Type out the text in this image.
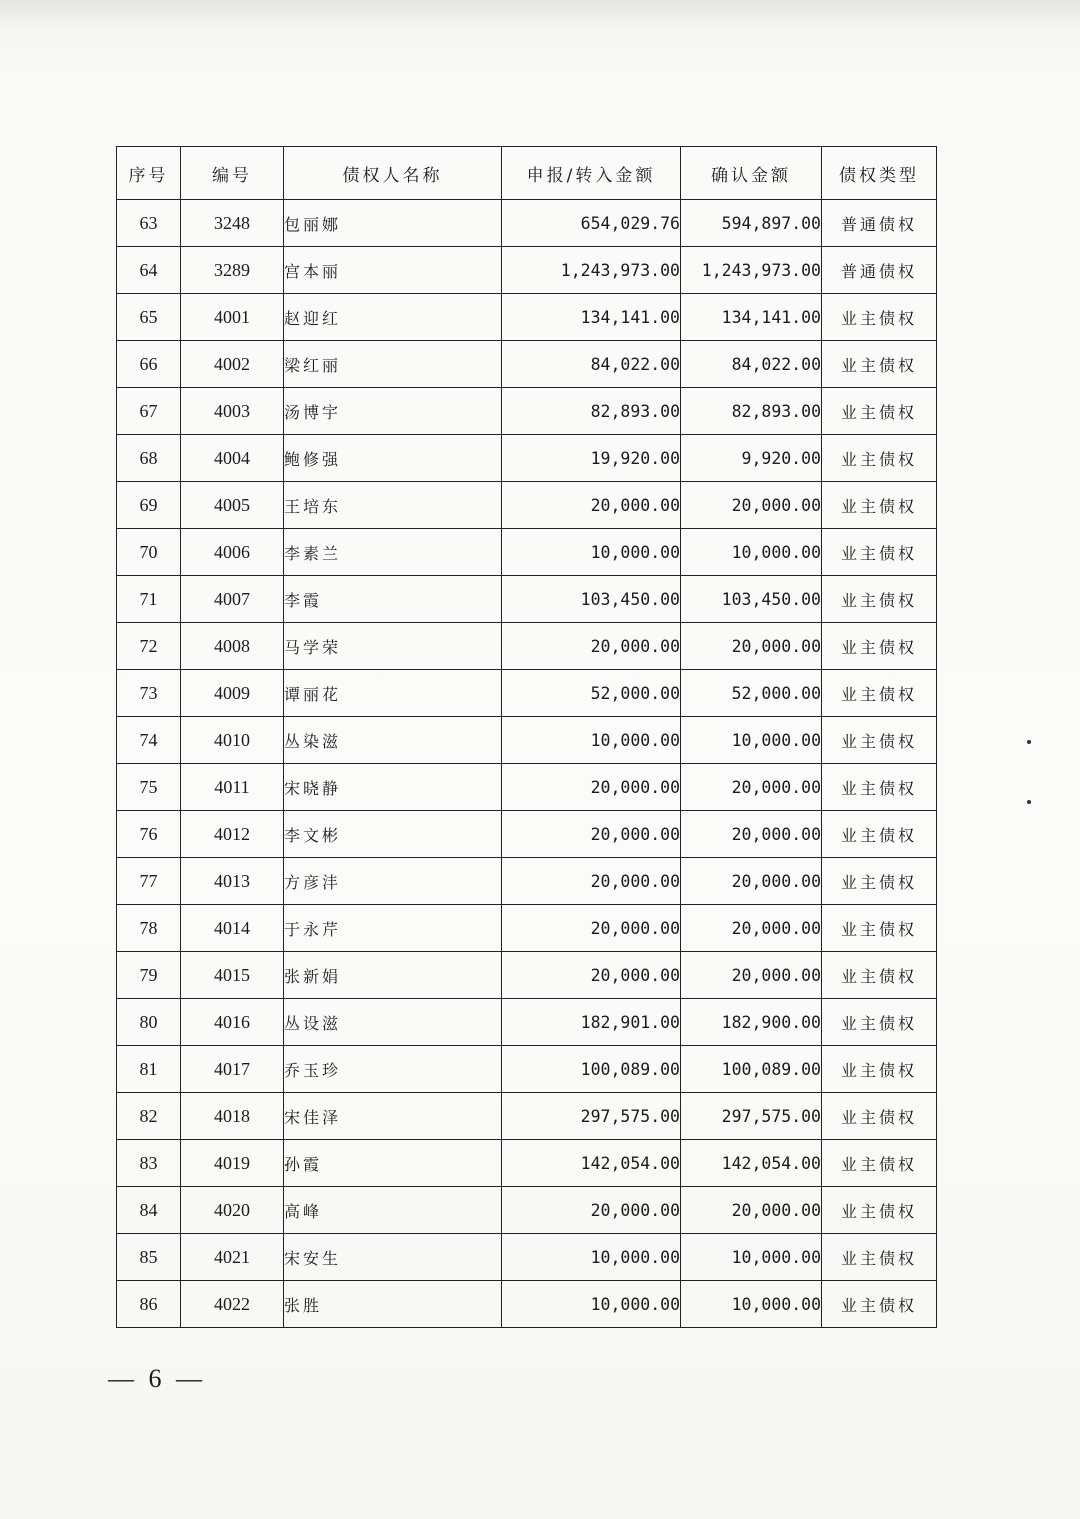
序号	编号	债权人名称	申报/转入金额	确认金额	债权类型
63	3248	包丽娜	654,029.76	594,897.00	普通债权
64	3289	宫本丽	1,243,973.00	1,243,973.00	普通债权
65	4001	赵迎红	134,141.00	134,141.00	业主债权
66	4002	梁红丽	84,022.00	84,022.00	业主债权
67	4003	汤博宇	82,893.00	82,893.00	业主债权
68	4004	鲍修强	19,920.00	9,920.00	业主债权
69	4005	王培东	20,000.00	20,000.00	业主债权
70	4006	李素兰	10,000.00	10,000.00	业主债权
71	4007	李霞	103,450.00	103,450.00	业主债权
72	4008	马学荣	20,000.00	20,000.00	业主债权
73	4009	谭丽花	52,000.00	52,000.00	业主债权
74	4010	丛染滋	10,000.00	10,000.00	业主债权
75	4011	宋晓静	20,000.00	20,000.00	业主债权
76	4012	李文彬	20,000.00	20,000.00	业主债权
77	4013	方彦沣	20,000.00	20,000.00	业主债权
78	4014	于永芹	20,000.00	20,000.00	业主债权
79	4015	张新娟	20,000.00	20,000.00	业主债权
80	4016	丛设滋	182,901.00	182,900.00	业主债权
81	4017	乔玉珍	100,089.00	100,089.00	业主债权
82	4018	宋佳泽	297,575.00	297,575.00	业主债权
83	4019	孙霞	142,054.00	142,054.00	业主债权
84	4020	高峰	20,000.00	20,000.00	业主债权
85	4021	宋安生	10,000.00	10,000.00	业主债权
86	4022	张胜	10,000.00	10,000.00	业主债权
— 6 —
